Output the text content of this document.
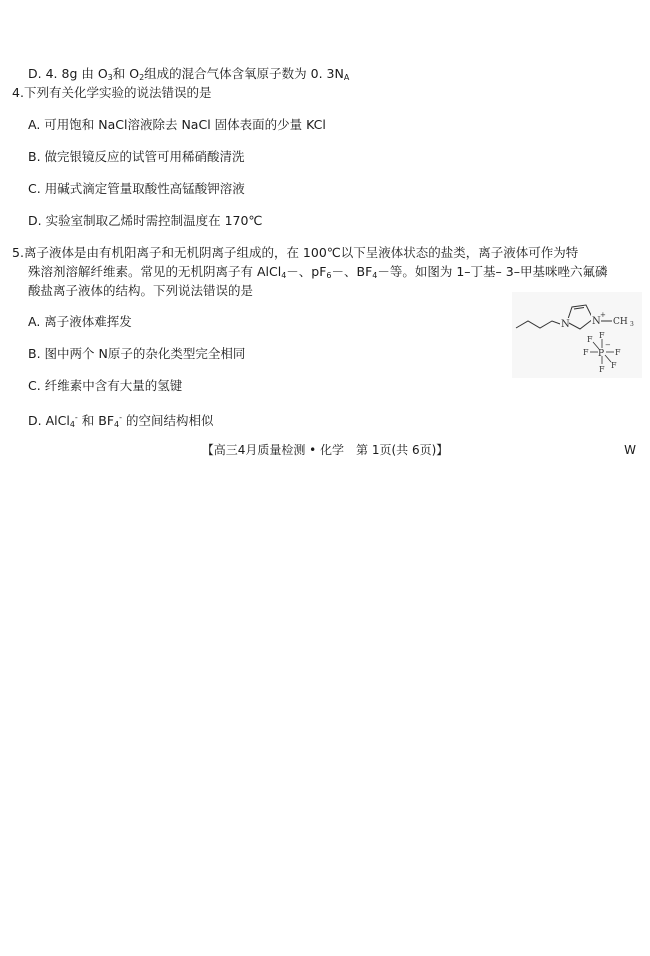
D. 4. 8g 由 $O_3$和 $O_2$组成的混合气体含氧原子数为 0. $3N_A$
4.下列有关化学实验的说法错误的是
A. 可用饱和 NaCl溶液除去 NaCl 固体表面的少量 KCl
B. 做完银镜反应的试管可用稀硝酸清洗
C. 用碱式滴定管量取酸性高锰酸钾溶液
D. 实验室制取乙烯时需控制温度在 170℃
5.离子液体是由有机阳离子和无机阴离子组成的，在 100℃以下呈液体状态的盐类，离子液体可作为特
殊溶剂溶解纤维素。常见的无机阴离子有 AlCl$_4$－、$pF_6-$、$BF_4-$等。如图为 1–丁基– 3–甲基咪唑六氟磷
酸盐离子液体的结构。下列说法错误的是
A. 离子液体难挥发
B. 图中两个 N原子的杂化类型完全相同
C. 纤维素中含有大量的氢键
D. AlCl$_4$- 和 $BF_4^-$ 的空间结构相似
N N
+
CH 3
P
−
F
F
F	F
F
F
【高三4月质量检测 • 化学　第 1页(共 6页)】	W
